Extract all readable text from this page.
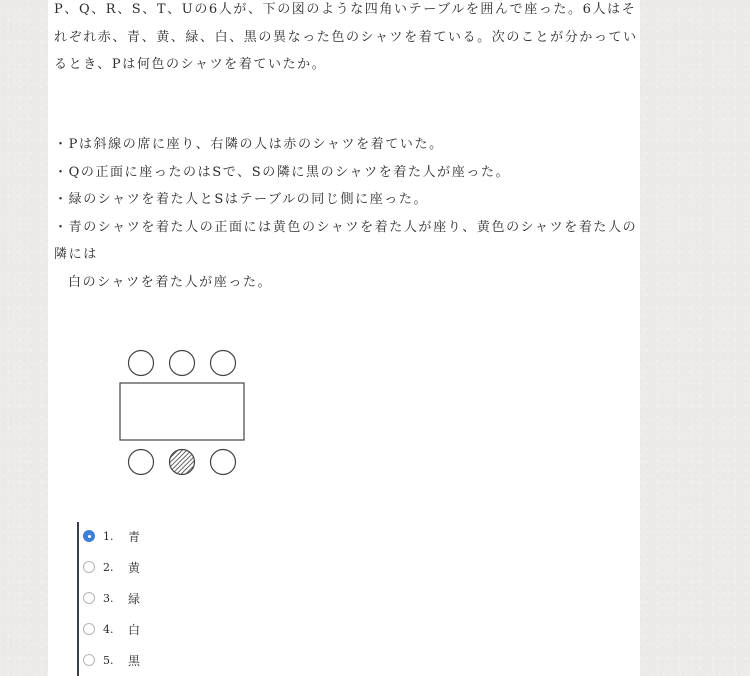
P、Q、R、S、T、Uの6人が、下の図のような四角いテーブルを囲んで座った。6人はそれぞれ赤、青、黄、緑、白、黒の異なった色のシャツを着ている。次のことが分かっているとき、Pは何色のシャツを着ていたか。

・Pは斜線の席に座り、右隣の人は赤のシャツを着ていた。

・Qの正面に座ったのはSで、Sの隣に黒のシャツを着た人が座った。

・緑のシャツを着た人とSはテーブルの同じ側に座った。

・青のシャツを着た人の正面には黄色のシャツを着た人が座り、黄色のシャツを着た人の隣には

白のシャツを着た人が座った。

1.	青
2.	黄
3.	緑
4.	白
5.	黒
